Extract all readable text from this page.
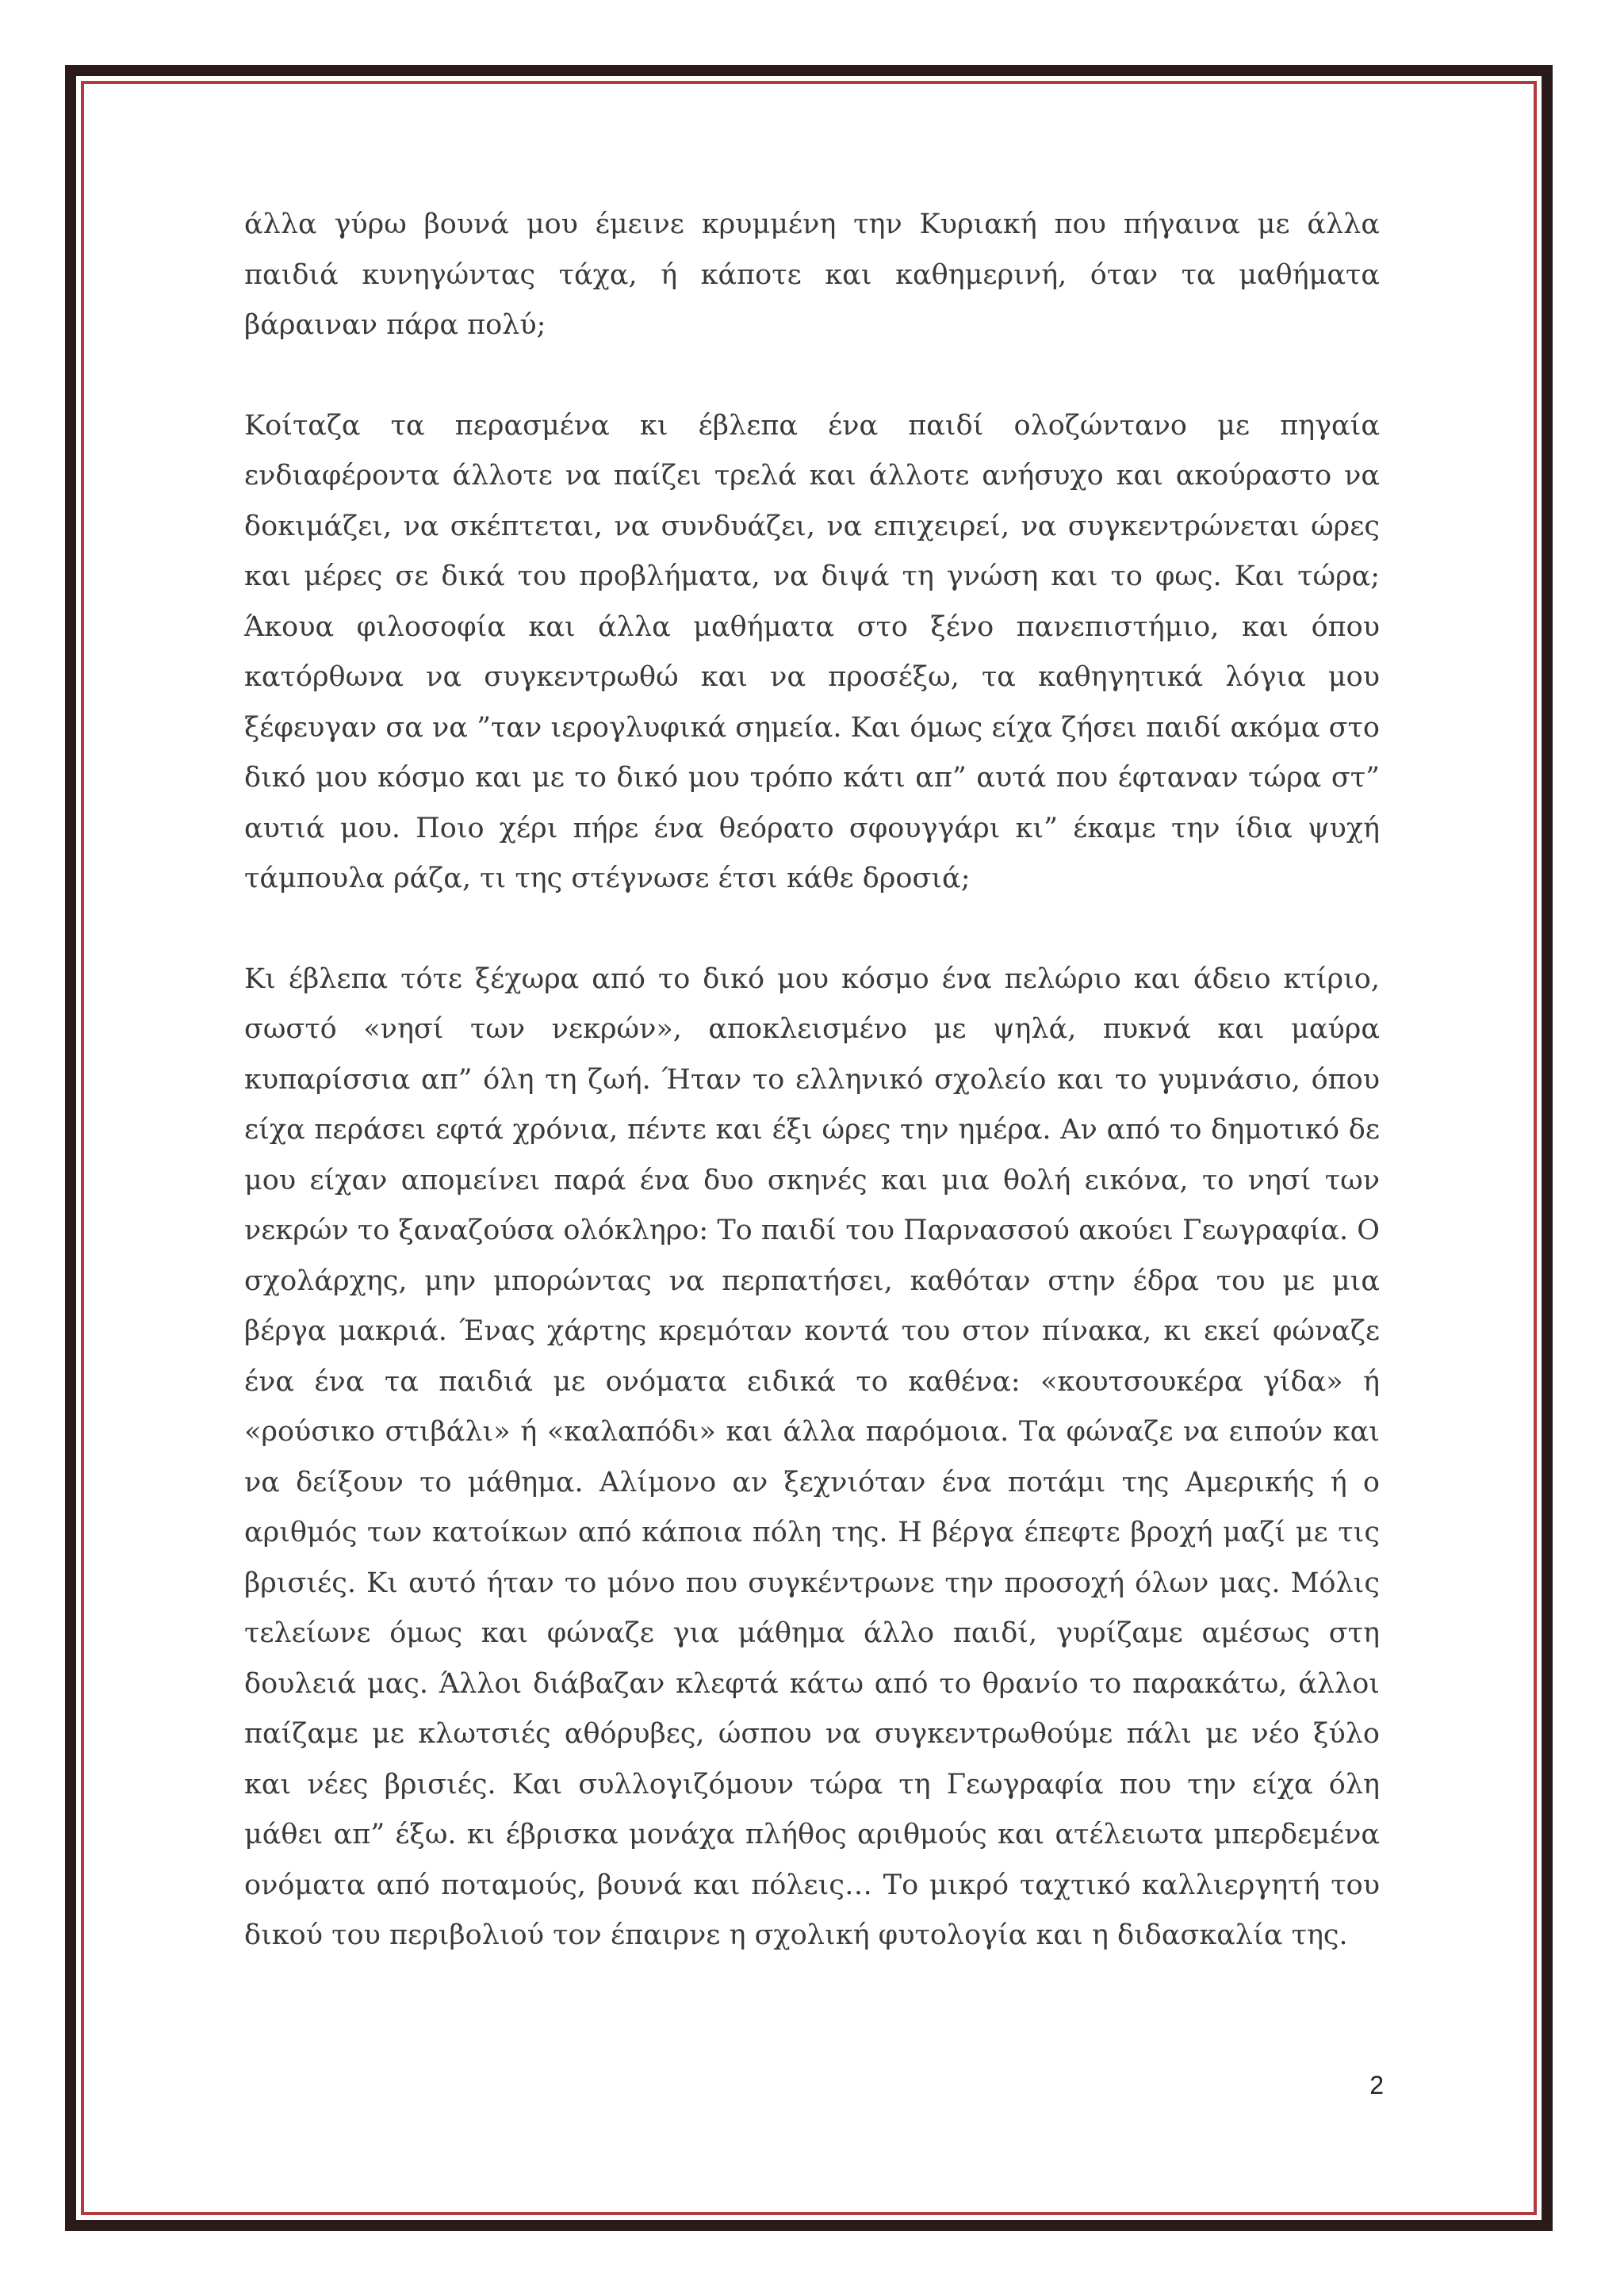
άλλα γύρω βουνά μου έμεινε κρυμμένη την Κυριακή που πήγαινα με άλλα παιδιά κυνηγώντας τάχα, ή κάποτε και καθημερινή, όταν τα μαθήματα βάραιναν πάρα πολύ;

Κοίταζα τα περασμένα κι έβλεπα ένα παιδί ολοζώντανο με πηγαία ενδιαφέροντα άλλοτε να παίζει τρελά και άλλοτε ανήσυχο και ακούραστο να δοκιμάζει, να σκέπτεται, να συνδυάζει, να επιχειρεί, να συγκεντρώνεται ώρες και μέρες σε δικά του προβλήματα, να διψά τη γνώση και το φως. Και τώρα; Άκουα φιλοσοφία και άλλα μαθήματα στο ξένο πανεπιστήμιο, και όπου κατόρθωνα να συγκεντρωθώ και να προσέξω, τα καθηγητικά λόγια μου ξέφευγαν σα να ”ταν ιερογλυφικά σημεία. Και όμως είχα ζήσει παιδί ακόμα στο δικό μου κόσμο και με το δικό μου τρόπο κάτι απ” αυτά που έφταναν τώρα στ” αυτιά μου. Ποιο χέρι πήρε ένα θεόρατο σφουγγάρι κι” έκαμε την ίδια ψυχή τάμπουλα ράζα, τι της στέγνωσε έτσι κάθε δροσιά;

Κι έβλεπα τότε ξέχωρα από το δικό μου κόσμο ένα πελώριο και άδειο κτίριο, σωστό «νησί των νεκρών», αποκλεισμένο με ψηλά, πυκνά και μαύρα κυπαρίσσια απ” όλη τη ζωή. Ήταν το ελληνικό σχολείο και το γυμνάσιο, όπου είχα περάσει εφτά χρόνια, πέντε και έξι ώρες την ημέρα. Αν από το δημοτικό δε μου είχαν απομείνει παρά ένα δυο σκηνές και μια θολή εικόνα, το νησί των νεκρών το ξαναζούσα ολόκληρο: Το παιδί του Παρνασσού ακούει Γεωγραφία. Ο σχολάρχης, μην μπορώντας να περπατήσει, καθόταν στην έδρα του με μια βέργα μακριά. Ένας χάρτης κρεμόταν κοντά του στον πίνακα, κι εκεί φώναζε ένα ένα τα παιδιά με ονόματα ειδικά το καθένα: «κουτσουκέρα γίδα» ή «ρούσικο στιβάλι» ή «καλαπόδι» και άλλα παρόμοια. Τα φώναζε να ειπούν και να δείξουν το μάθημα. Αλίμονο αν ξεχνιόταν ένα ποτάμι της Αμερικής ή ο αριθμός των κατοίκων από κάποια πόλη της. Η βέργα έπεφτε βροχή μαζί με τις βρισιές. Κι αυτό ήταν το μόνο που συγκέντρωνε την προσοχή όλων μας. Μόλις τελείωνε όμως και φώναζε για μάθημα άλλο παιδί, γυρίζαμε αμέσως στη δουλειά μας. Άλλοι διάβαζαν κλεφτά κάτω από το θρανίο το παρακάτω, άλλοι παίζαμε με κλωτσιές αθόρυβες, ώσπου να συγκεντρωθούμε πάλι με νέο ξύλο και νέες βρισιές. Και συλλογιζόμουν τώρα τη Γεωγραφία που την είχα όλη μάθει απ” έξω. κι έβρισκα μονάχα πλήθος αριθμούς και ατέλειωτα μπερδεμένα ονόματα από ποταμούς, βουνά και πόλεις… Το μικρό ταχτικό καλλιεργητή του δικού του περιβολιού τον έπαιρνε η σχολική φυτολογία και η διδασκαλία της.

2
